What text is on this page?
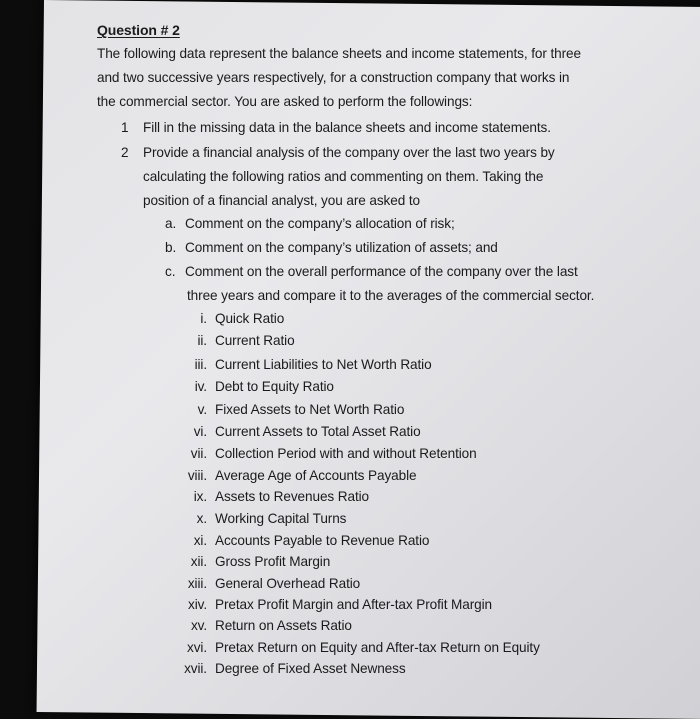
Question # 2
The following data represent the balance sheets and income statements, for three
and two successive years respectively, for a construction company that works in
the commercial sector. You are asked to perform the followings:
1 Fill in the missing data in the balance sheets and income statements.
2 Provide a financial analysis of the company over the last two years by
calculating the following ratios and commenting on them. Taking the
position of a financial analyst, you are asked to
a. Comment on the company’s allocation of risk;
b. Comment on the company’s utilization of assets; and
c. Comment on the overall performance of the company over the last
three years and compare it to the averages of the commercial sector.
i. Quick Ratio
ii. Current Ratio
iii. Current Liabilities to Net Worth Ratio
iv. Debt to Equity Ratio
v. Fixed Assets to Net Worth Ratio
vi. Current Assets to Total Asset Ratio
vii. Collection Period with and without Retention
viii. Average Age of Accounts Payable
ix. Assets to Revenues Ratio
x. Working Capital Turns
xi. Accounts Payable to Revenue Ratio
xii. Gross Profit Margin
xiii. General Overhead Ratio
xiv. Pretax Profit Margin and After-tax Profit Margin
xv. Return on Assets Ratio
xvi. Pretax Return on Equity and After-tax Return on Equity
xvii. Degree of Fixed Asset Newness
